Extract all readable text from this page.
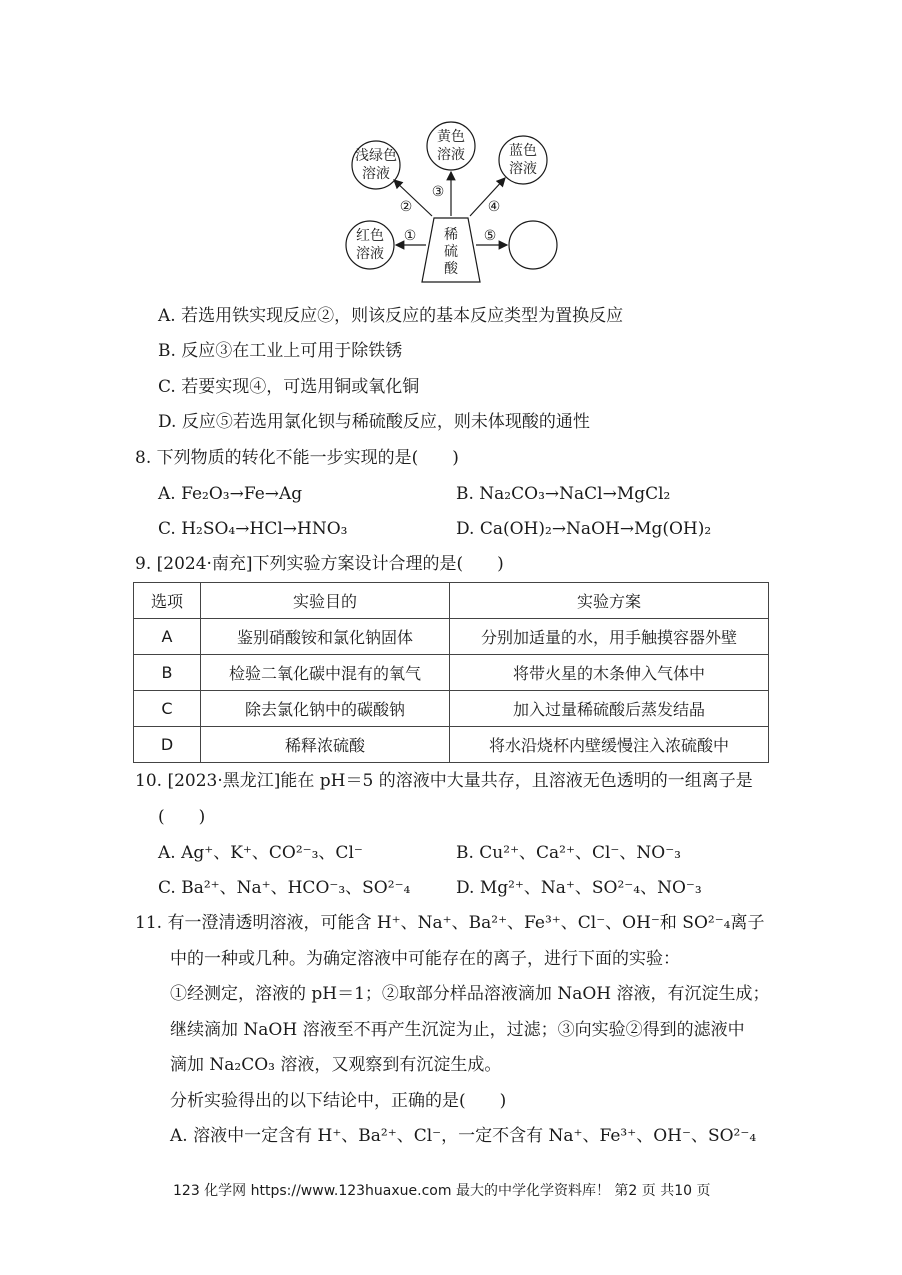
稀
硫
酸
浅绿色
溶液
黄色
溶液	蓝色
溶液
红色
溶液
①
②
③
④
⑤
A. 若选用铁实现反应②，则该反应的基本反应类型为置换反应
B. 反应③在工业上可用于除铁锈
C. 若要实现④，可选用铜或氧化铜
D. 反应⑤若选用氯化钡与稀硫酸反应，则未体现酸的通性
8. 下列物质的转化不能一步实现的是(　　)
A. Fe₂O₃→Fe→Ag	B. Na₂CO₃→NaCl→MgCl₂
C. H₂SO₄→HCl→HNO₃	D. Ca(OH)₂→NaOH→Mg(OH)₂
9. [2024·南充]下列实验方案设计合理的是(　　)
选项	实验目的	实验方案
A	鉴别硝酸铵和氯化钠固体	分别加适量的水，用手触摸容器外壁
B	检验二氧化碳中混有的氧气	将带火星的木条伸入气体中
C	除去氯化钠中的碳酸钠	加入过量稀硫酸后蒸发结晶
D	稀释浓硫酸	将水沿烧杯内壁缓慢注入浓硫酸中
10. [2023·黑龙江]能在 pH＝5 的溶液中大量共存，且溶液无色透明的一组离子是
(　　)
A. Ag⁺、K⁺、CO²⁻₃、Cl⁻	B. Cu²⁺、Ca²⁺、Cl⁻、NO⁻₃
C. Ba²⁺、Na⁺、HCO⁻₃、SO²⁻₄	D. Mg²⁺、Na⁺、SO²⁻₄、NO⁻₃
11. 有一澄清透明溶液，可能含 H⁺、Na⁺、Ba²⁺、Fe³⁺、Cl⁻、OH⁻和 SO²⁻₄离子
中的一种或几种。为确定溶液中可能存在的离子，进行下面的实验：
①经测定，溶液的 pH＝1；②取部分样品溶液滴加 NaOH 溶液，有沉淀生成；
继续滴加 NaOH 溶液至不再产生沉淀为止，过滤；③向实验②得到的滤液中
滴加 Na₂CO₃ 溶液，又观察到有沉淀生成。
分析实验得出的以下结论中，正确的是(　　)
A. 溶液中一定含有 H⁺、Ba²⁺、Cl⁻，一定不含有 Na⁺、Fe³⁺、OH⁻、SO²⁻₄
123 化学网 https://www.123huaxue.com 最大的中学化学资料库！ 第2 页 共10 页
